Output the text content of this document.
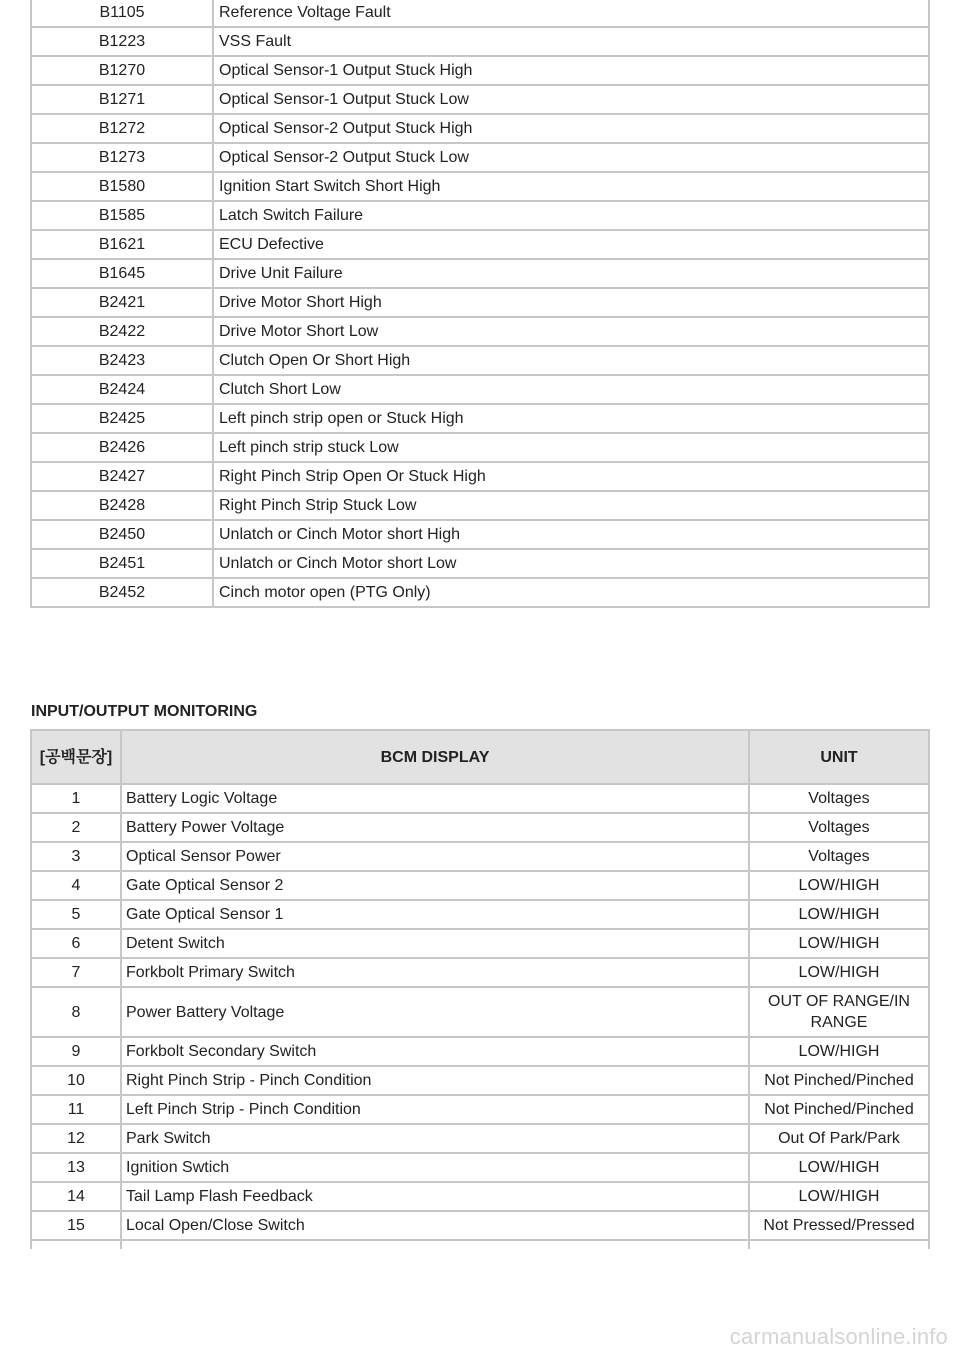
B1105	Reference Voltage Fault
B1223	VSS Fault
B1270	Optical Sensor-1 Output Stuck High
B1271	Optical Sensor-1 Output Stuck Low
B1272	Optical Sensor-2 Output Stuck High
B1273	Optical Sensor-2 Output Stuck Low
B1580	Ignition Start Switch Short High
B1585	Latch Switch Failure
B1621	ECU Defective
B1645	Drive Unit Failure
B2421	Drive Motor Short High
B2422	Drive Motor Short Low
B2423	Clutch Open Or Short High
B2424	Clutch Short Low
B2425	Left pinch strip open or Stuck High
B2426	Left pinch strip stuck Low
B2427	Right Pinch Strip Open Or Stuck High
B2428	Right Pinch Strip Stuck Low
B2450	Unlatch or Cinch Motor short High
B2451	Unlatch or Cinch Motor short Low
B2452	Cinch motor open (PTG Only)
INPUT/OUTPUT MONITORING
[공백문장]	BCM DISPLAY	UNIT
1	Battery Logic Voltage	Voltages
2	Battery Power Voltage	Voltages
3	Optical Sensor Power	Voltages
4	Gate Optical Sensor 2	LOW/HIGH
5	Gate Optical Sensor 1	LOW/HIGH
6	Detent Switch	LOW/HIGH
7	Forkbolt Primary Switch	LOW/HIGH
8	Power Battery Voltage	OUT OF RANGE/IN RANGE
9	Forkbolt Secondary Switch	LOW/HIGH
10	Right Pinch Strip - Pinch Condition	Not Pinched/Pinched
11	Left Pinch Strip - Pinch Condition	Not Pinched/Pinched
12	Park Switch	Out Of Park/Park
13	Ignition Swtich	LOW/HIGH
14	Tail Lamp Flash Feedback	LOW/HIGH
15	Local Open/Close Switch	Not Pressed/Pressed

carmanualsonline.info
